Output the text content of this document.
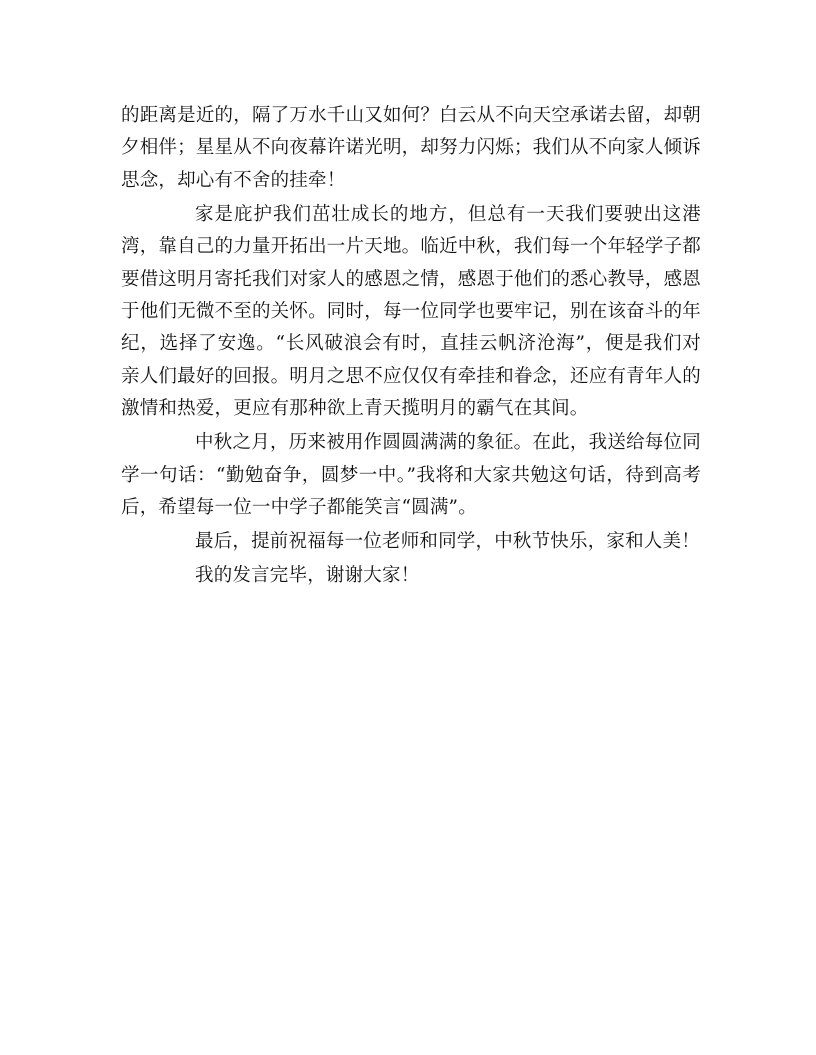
的距离是近的，隔了万水千山又如何？白云从不向天空承诺去留，却朝夕相伴；星星从不向夜幕许诺光明，却努力闪烁；我们从不向家人倾诉思念，却心有不舍的挂牵！

家是庇护我们茁壮成长的地方，但总有一天我们要驶出这港湾，靠自己的力量开拓出一片天地。临近中秋，我们每一个年轻学子都要借这明月寄托我们对家人的感恩之情，感恩于他们的悉心教导，感恩于他们无微不至的关怀。同时，每一位同学也要牢记，别在该奋斗的年纪，选择了安逸。“长风破浪会有时，直挂云帆济沧海”，便是我们对亲人们最好的回报。明月之思不应仅仅有牵挂和眷念，还应有青年人的激情和热爱，更应有那种欲上青天揽明月的霸气在其间。

中秋之月，历来被用作圆圆满满的象征。在此，我送给每位同学一句话：“勤勉奋争，圆梦一中。”我将和大家共勉这句话，待到高考后，希望每一位一中学子都能笑言“圆满”。

最后，提前祝福每一位老师和同学，中秋节快乐，家和人美！

我的发言完毕，谢谢大家！
